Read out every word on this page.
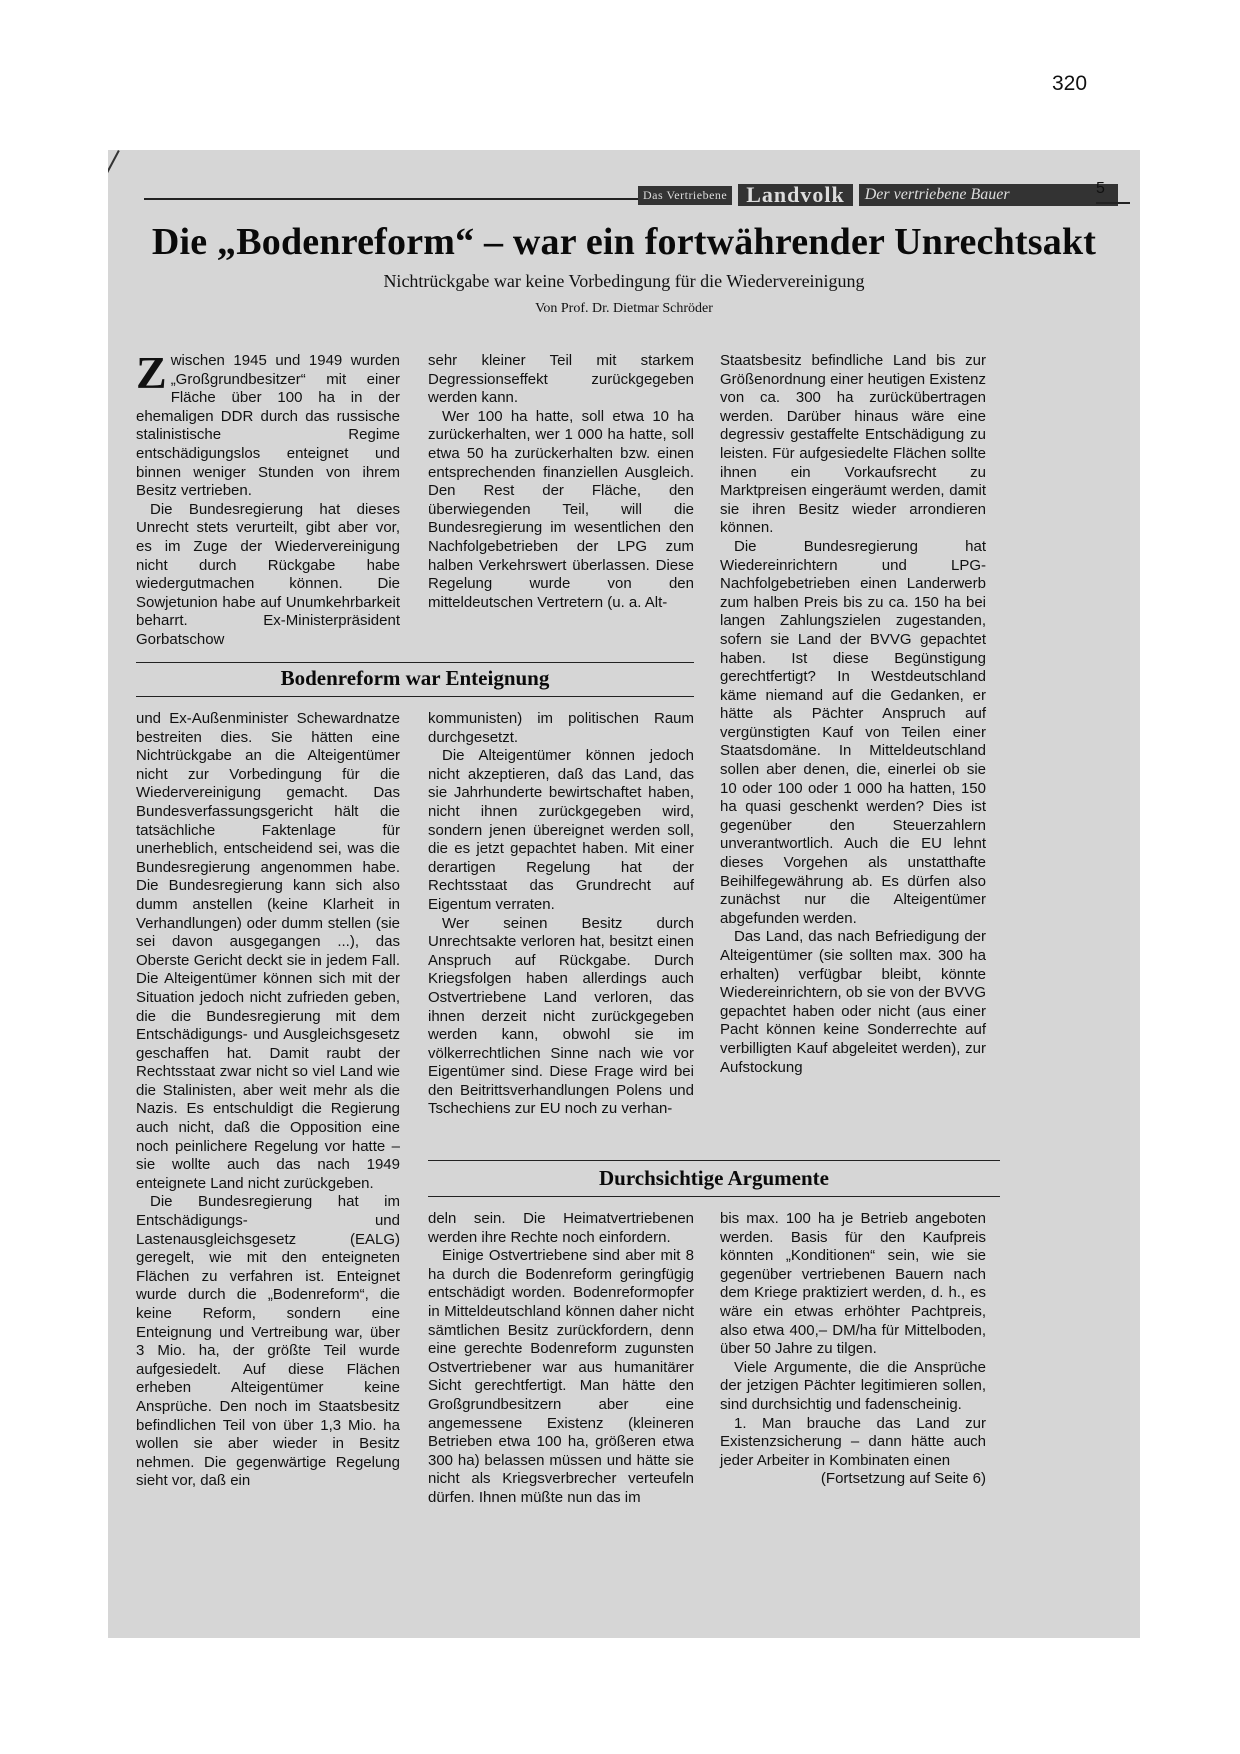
320
Das Vertriebene Landvolk	Der vertriebene Bauer	5
Die „Bodenreform“ – war ein fortwährender Unrechtsakt
Nichtrückgabe war keine Vorbedingung für die Wiedervereinigung
Von Prof. Dr. Dietmar Schröder

Zwischen 1945 und 1949 wurden „Großgrundbesitzer“ mit einer Fläche über 100 ha in der ehemaligen DDR durch das russische stalinistische Regime entschädigungslos enteignet und binnen weniger Stunden von ihrem Besitz vertrieben.

Die Bundesregierung hat dieses Unrecht stets verurteilt, gibt aber vor, es im Zuge der Wiedervereinigung nicht durch Rückgabe habe wiedergutmachen können. Die Sowjetunion habe auf Unumkehrbarkeit beharrt. Ex-Ministerpräsident Gorbatschow

sehr kleiner Teil mit starkem Degressionseffekt zurückgegeben werden kann.

Wer 100 ha hatte, soll etwa 10 ha zurückerhalten, wer 1 000 ha hatte, soll etwa 50 ha zurückerhalten bzw. einen entsprechenden finanziellen Ausgleich. Den Rest der Fläche, den überwiegenden Teil, will die Bundesregierung im wesentlichen den Nachfolgebetrieben der LPG zum halben Verkehrswert überlassen. Diese Regelung wurde von den mitteldeutschen Vertretern (u. a. Alt-

Staatsbesitz befindliche Land bis zur Größenordnung einer heutigen Existenz von ca. 300 ha zurückübertragen werden. Darüber hinaus wäre eine degressiv gestaffelte Entschädigung zu leisten. Für aufgesiedelte Flächen sollte ihnen ein Vorkaufsrecht zu Marktpreisen eingeräumt werden, damit sie ihren Besitz wieder arrondieren können.

Die Bundesregierung hat Wiedereinrichtern und LPG-Nachfolgebetrieben einen Landerwerb zum halben Preis bis zu ca. 150 ha bei langen Zahlungszielen zugestanden, sofern sie Land der BVVG gepachtet haben. Ist diese Begünstigung gerechtfertigt? In Westdeutschland käme niemand auf die Gedanken, er hätte als Pächter Anspruch auf vergünstigten Kauf von Teilen einer Staatsdomäne. In Mitteldeutschland sollen aber denen, die, einerlei ob sie 10 oder 100 oder 1 000 ha hatten, 150 ha quasi geschenkt werden? Dies ist gegenüber den Steuerzahlern unverantwortlich. Auch die EU lehnt dieses Vorgehen als unstatthafte Beihilfegewährung ab. Es dürfen also zunächst nur die Alteigentümer abgefunden werden.

Das Land, das nach Befriedigung der Alteigentümer (sie sollten max. 300 ha erhalten) verfügbar bleibt, könnte Wiedereinrichtern, ob sie von der BVVG gepachtet haben oder nicht (aus einer Pacht können keine Sonderrechte auf verbilligten Kauf abgeleitet werden), zur Aufstockung

Bodenreform war Enteignung

und Ex-Außenminister Schewardnatze bestreiten dies. Sie hätten eine Nichtrückgabe an die Alteigentümer nicht zur Vorbedingung für die Wiedervereinigung gemacht. Das Bundesverfassungsgericht hält die tatsächliche Faktenlage für unerheblich, entscheidend sei, was die Bundesregierung angenommen habe. Die Bundesregierung kann sich also dumm anstellen (keine Klarheit in Verhandlungen) oder dumm stellen (sie sei davon ausgegangen ...), das Oberste Gericht deckt sie in jedem Fall. Die Alteigentümer können sich mit der Situation jedoch nicht zufrieden geben, die die Bundesregierung mit dem Entschädigungs- und Ausgleichsgesetz geschaffen hat. Damit raubt der Rechtsstaat zwar nicht so viel Land wie die Stalinisten, aber weit mehr als die Nazis. Es entschuldigt die Regierung auch nicht, daß die Opposition eine noch peinlichere Regelung vor hatte – sie wollte auch das nach 1949 enteignete Land nicht zurückgeben.

Die Bundesregierung hat im Entschädigungs- und Lastenausgleichsgesetz (EALG) geregelt, wie mit den enteigneten Flächen zu verfahren ist. Enteignet wurde durch die „Bodenreform“, die keine Reform, sondern eine Enteignung und Vertreibung war, über 3 Mio. ha, der größte Teil wurde aufgesiedelt. Auf diese Flächen erheben Alteigentümer keine Ansprüche. Den noch im Staatsbesitz befindlichen Teil von über 1,3 Mio. ha wollen sie aber wieder in Besitz nehmen. Die gegenwärtige Regelung sieht vor, daß ein

kommunisten) im politischen Raum durchgesetzt.

Die Alteigentümer können jedoch nicht akzeptieren, daß das Land, das sie Jahrhunderte bewirtschaftet haben, nicht ihnen zurückgegeben wird, sondern jenen übereignet werden soll, die es jetzt gepachtet haben. Mit einer derartigen Regelung hat der Rechtsstaat das Grundrecht auf Eigentum verraten.

Wer seinen Besitz durch Unrechtsakte verloren hat, besitzt einen Anspruch auf Rückgabe. Durch Kriegsfolgen haben allerdings auch Ostvertriebene Land verloren, das ihnen derzeit nicht zurückgegeben werden kann, obwohl sie im völkerrechtlichen Sinne nach wie vor Eigentümer sind. Diese Frage wird bei den Beitrittsverhandlungen Polens und Tschechiens zur EU noch zu verhan-

Durchsichtige Argumente

deln sein. Die Heimatvertriebenen werden ihre Rechte noch einfordern.

Einige Ostvertriebene sind aber mit 8 ha durch die Bodenreform geringfügig entschädigt worden. Bodenreformopfer in Mitteldeutschland können daher nicht sämtlichen Besitz zurückfordern, denn eine gerechte Bodenreform zugunsten Ostvertriebener war aus humanitärer Sicht gerechtfertigt. Man hätte den Großgrundbesitzern aber eine angemessene Existenz (kleineren Betrieben etwa 100 ha, größeren etwa 300 ha) belassen müssen und hätte sie nicht als Kriegsverbrecher verteufeln dürfen. Ihnen müßte nun das im

bis max. 100 ha je Betrieb angeboten werden. Basis für den Kaufpreis könnten „Konditionen“ sein, wie sie gegenüber vertriebenen Bauern nach dem Kriege praktiziert werden, d. h., es wäre ein etwas erhöhter Pachtpreis, also etwa 400,– DM/ha für Mittelboden, über 50 Jahre zu tilgen.

Viele Argumente, die die Ansprüche der jetzigen Pächter legitimieren sollen, sind durchsichtig und fadenscheinig.

1. Man brauche das Land zur Existenzsicherung – dann hätte auch jeder Arbeiter in Kombinaten einen

(Fortsetzung auf Seite 6)
